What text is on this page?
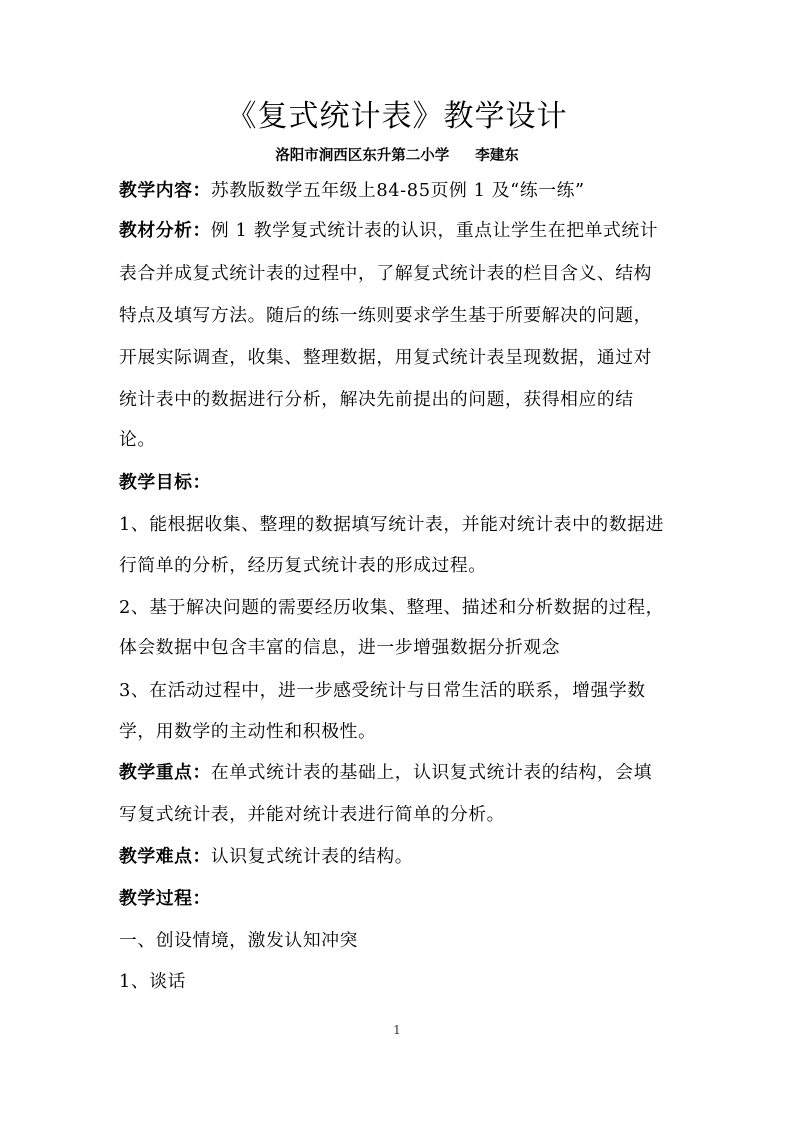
《复式统计表》教学设计
洛阳市涧西区东升第二小学 李建东
教学内容：苏教版数学五年级上84-85页例 1 及“练一练”
教材分析：例 1 教学复式统计表的认识，重点让学生在把单式统计
表合并成复式统计表的过程中，了解复式统计表的栏目含义、结构
特点及填写方法。随后的练一练则要求学生基于所要解决的问题，
开展实际调查，收集、整理数据，用复式统计表呈现数据，通过对
统计表中的数据进行分析，解决先前提出的问题，获得相应的结
论。
教学目标：
1、能根据收集、整理的数据填写统计表，并能对统计表中的数据进
行简单的分析，经历复式统计表的形成过程。
2、基于解决问题的需要经历收集、整理、描述和分析数据的过程，
体会数据中包含丰富的信息，进一步增强数据分折观念
3、在活动过程中，进一步感受统计与日常生活的联系，增强学数
学，用数学的主动性和积极性。
教学重点：在单式统计表的基础上，认识复式统计表的结构，会填
写复式统计表，并能对统计表进行简单的分析。
教学难点：认识复式统计表的结构。
教学过程：
一、创设情境，激发认知冲突
1、谈话
1
